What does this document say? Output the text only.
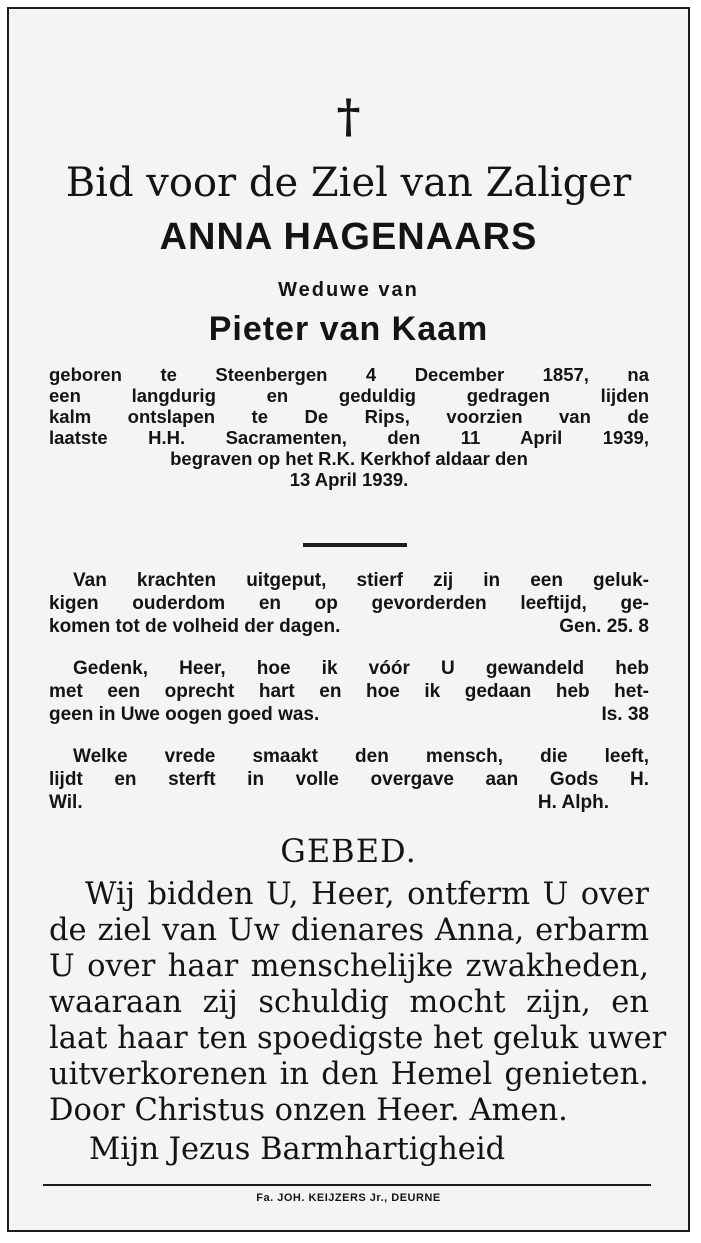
†
Bid voor de Ziel van Zaliger
ANNA HAGENAARS
Weduwe van
Pieter van Kaam
geboren te Steenbergen 4 December 1857, na
een langdurig en geduldig gedragen lijden
kalm ontslapen te De Rips, voorzien van de
laatste H.H. Sacramenten, den 11 April 1939,
begraven op het R.K. Kerkhof aldaar den
13 April 1939.
Van krachten uitgeput, stierf zij in een geluk-
kigen ouderdom en op gevorderden leeftijd, ge-
komen tot de volheid der dagen.	Gen. 25. 8
Gedenk, Heer, hoe ik vóór U gewandeld heb
met een oprecht hart en hoe ik gedaan heb het-
geen in Uwe oogen goed was.	Is. 38
Welke vrede smaakt den mensch, die leeft,
lijdt en sterft in volle overgave aan Gods H.
Wil.	H. Alph.
GEBED.
Wij bidden U, Heer, ontferm U over
de ziel van Uw dienares Anna, erbarm
U over haar menschelijke zwakheden,
waaraan zij schuldig mocht zijn, en
laat haar ten spoedigste het geluk uwer
uitverkorenen in den Hemel genieten.
Door Christus onzen Heer. Amen.
Mijn Jezus Barmhartigheid
Fa. JOH. KEIJZERS Jr., DEURNE
